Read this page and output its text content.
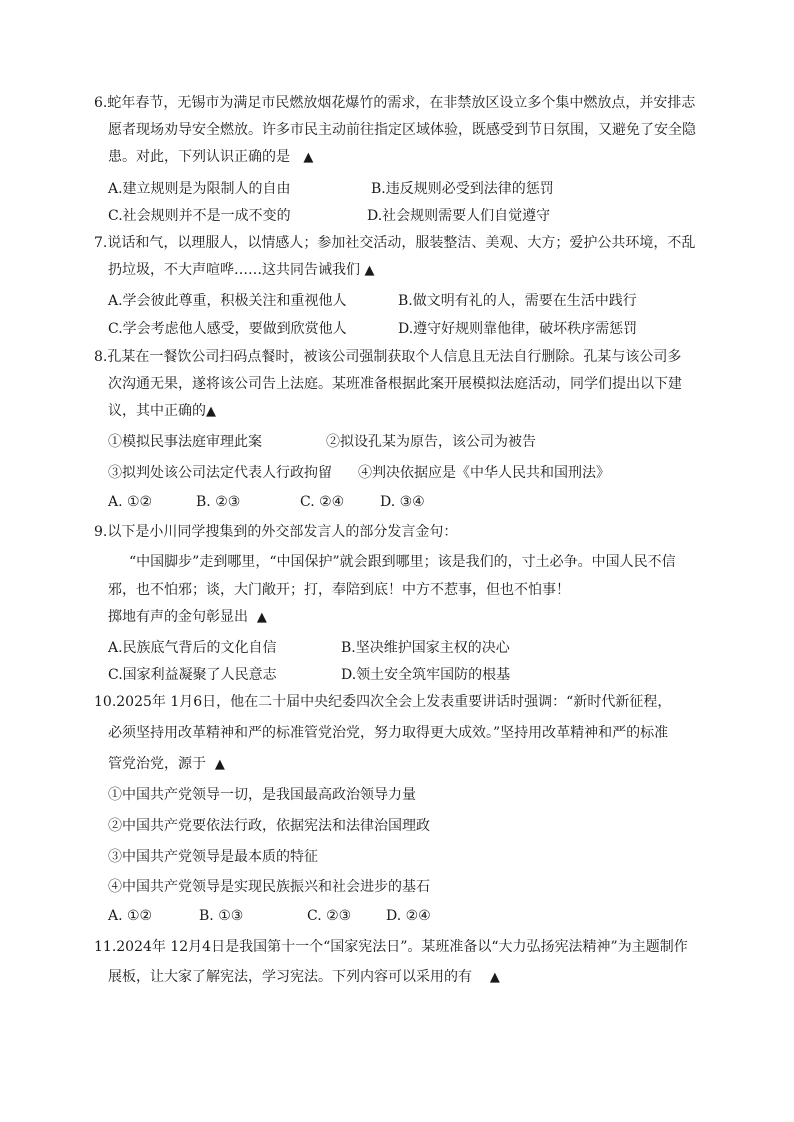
6.蛇年春节，无锡市为满足市民燃放烟花爆竹的需求，在非禁放区设立多个集中燃放点，并安排志
愿者现场劝导安全燃放。许多市民主动前往指定区域体验，既感受到节日氛围，又避免了安全隐
患。对此，下列认识正确的是 ▲
A.建立规则是为限制人的自由	B.违反规则必受到法律的惩罚
C.社会规则并不是一成不变的	D.社会规则需要人们自觉遵守
7.说话和气，以理服人，以情感人；参加社交活动，服装整洁、美观、大方；爱护公共环境，不乱
扔垃圾，不大声喧哗……这共同告诫我们 ▲
A.学会彼此尊重，积极关注和重视他人	B.做文明有礼的人，需要在生活中践行
C.学会考虑他人感受，要做到欣赏他人	D.遵守好规则靠他律，破坏秩序需惩罚
8.孔某在一餐饮公司扫码点餐时，被该公司强制获取个人信息且无法自行删除。孔某与该公司多
次沟通无果，遂将该公司告上法庭。某班准备根据此案开展模拟法庭活动，同学们提出以下建
议，其中正确的▲
①模拟民事法庭审理此案	②拟设孔某为原告，该公司为被告
③拟判处该公司法定代表人行政拘留 ④判决依据应是《中华人民共和国刑法》
A. ①②	B. ②③	C. ②④	D. ③④
9.以下是小川同学搜集到的外交部发言人的部分发言金句：
“中国脚步”走到哪里，“中国保护”就会跟到哪里；该是我们的，寸土必争。中国人民不信
邪，也不怕邪；谈，大门敞开；打，奉陪到底！中方不惹事，但也不怕事！
掷地有声的金句彰显出 ▲
A.民族底气背后的文化自信	B.坚决维护国家主权的决心
C.国家利益凝聚了人民意志	D.领土安全筑牢国防的根基
10.2025年 1月6日，他在二十届中央纪委四次全会上发表重要讲话时强调：“新时代新征程，
必须坚持用改革精神和严的标准管党治党，努力取得更大成效。”坚持用改革精神和严的标准
管党治党，源于 ▲
①中国共产党领导一切，是我国最高政治领导力量
②中国共产党要依法行政，依据宪法和法律治国理政
③中国共产党领导是最本质的特征
④中国共产党领导是实现民族振兴和社会进步的基石
A. ①②	B. ①③	C. ②③ D. ②④
11.2024年 12月4日是我国第十一个“国家宪法日”。某班准备以“大力弘扬宪法精神”为主题制作
展板，让大家了解宪法，学习宪法。下列内容可以采用的有 ▲
